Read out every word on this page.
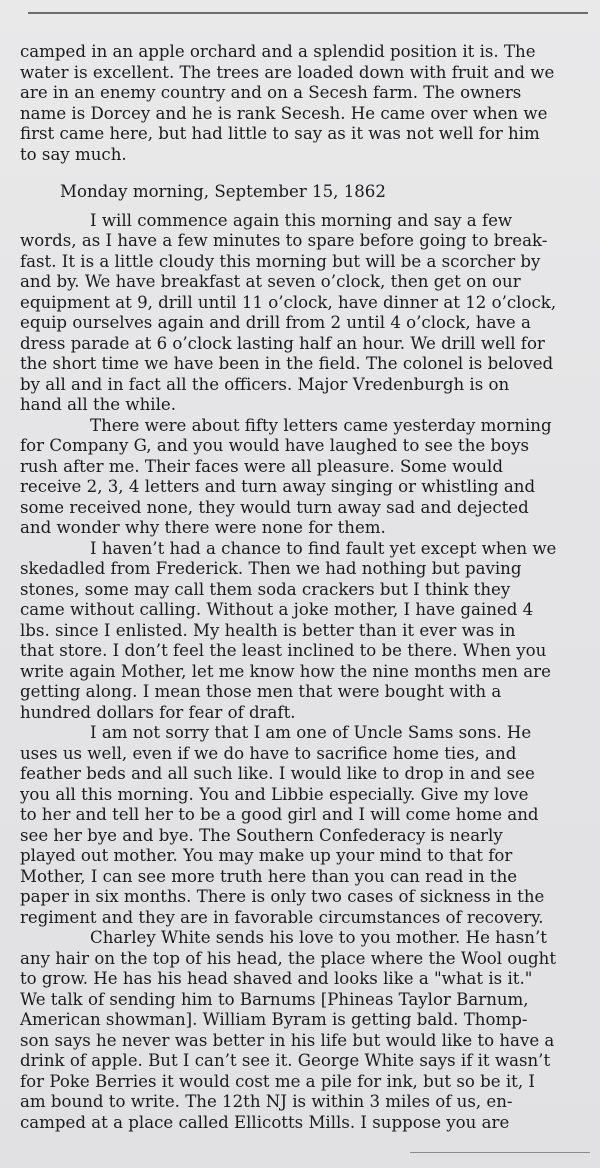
camped in an apple orchard and a splendid position it is. The
water is excellent. The trees are loaded down with fruit and we
are in an enemy country and on a Secesh farm. The owners
name is Dorcey and he is rank Secesh. He came over when we
first came here, but had little to say as it was not well for him
to say much.
Monday morning, September 15, 1862
I will commence again this morning and say a few
words, as I have a few minutes to spare before going to break-
fast. It is a little cloudy this morning but will be a scorcher by
and by. We have breakfast at seven o’clock, then get on our
equipment at 9, drill until 11 o’clock, have dinner at 12 o’clock,
equip ourselves again and drill from 2 until 4 o’clock, have a
dress parade at 6 o’clock lasting half an hour. We drill well for
the short time we have been in the field. The colonel is beloved
by all and in fact all the officers. Major Vredenburgh is on
hand all the while.
There were about fifty letters came yesterday morning
for Company G, and you would have laughed to see the boys
rush after me. Their faces were all pleasure. Some would
receive 2, 3, 4 letters and turn away singing or whistling and
some received none, they would turn away sad and dejected
and wonder why there were none for them.
I haven’t had a chance to find fault yet except when we
skedadled from Frederick. Then we had nothing but paving
stones, some may call them soda crackers but I think they
came without calling. Without a joke mother, I have gained 4
lbs. since I enlisted. My health is better than it ever was in
that store. I don’t feel the least inclined to be there. When you
write again Mother, let me know how the nine months men are
getting along. I mean those men that were bought with a
hundred dollars for fear of draft.
I am not sorry that I am one of Uncle Sams sons. He
uses us well, even if we do have to sacrifice home ties, and
feather beds and all such like. I would like to drop in and see
you all this morning. You and Libbie especially. Give my love
to her and tell her to be a good girl and I will come home and
see her bye and bye. The Southern Confederacy is nearly
played out mother. You may make up your mind to that for
Mother, I can see more truth here than you can read in the
paper in six months. There is only two cases of sickness in the
regiment and they are in favorable circumstances of recovery.
Charley White sends his love to you mother. He hasn’t
any hair on the top of his head, the place where the Wool ought
to grow. He has his head shaved and looks like a "what is it."
We talk of sending him to Barnums [Phineas Taylor Barnum,
American showman]. William Byram is getting bald. Thomp-
son says he never was better in his life but would like to have a
drink of apple. But I can’t see it. George White says if it wasn’t
for Poke Berries it would cost me a pile for ink, but so be it, I
am bound to write. The 12th NJ is within 3 miles of us, en-
camped at a place called Ellicotts Mills. I suppose you are
